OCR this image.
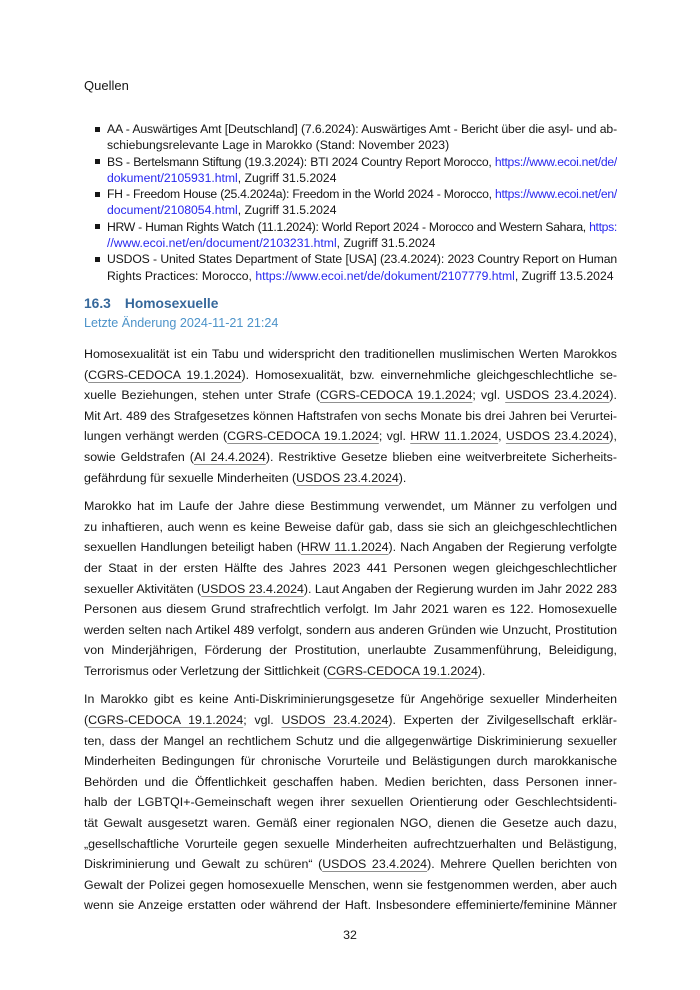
Quellen
AA - Auswärtiges Amt [Deutschland] (7.6.2024): Auswärtiges Amt - Bericht über die asyl- und ab-
schiebungsrelevante Lage in Marokko (Stand: November 2023)
BS - Bertelsmann Stiftung (19.3.2024): BTI 2024 Country Report Morocco, https://www.ecoi.net/de/
dokument/2105931.html, Zugriff 31.5.2024
FH - Freedom House (25.4.2024a): Freedom in the World 2024 - Morocco, https://www.ecoi.net/en/
document/2108054.html, Zugriff 31.5.2024
HRW - Human Rights Watch (11.1.2024): World Report 2024 - Morocco and Western Sahara, https:
//www.ecoi.net/en/document/2103231.html, Zugriff 31.5.2024
USDOS - United States Department of State [USA] (23.4.2024): 2023 Country Report on Human
Rights Practices: Morocco, https://www.ecoi.net/de/dokument/2107779.html, Zugriff 13.5.2024
16.3 Homosexuelle
Letzte Änderung 2024-11-21 21:24
Homosexualität ist ein Tabu und widerspricht den traditionellen muslimischen Werten Marokkos
(CGRS-CEDOCA 19.1.2024). Homosexualität, bzw. einvernehmliche gleichgeschlechtliche se-
xuelle Beziehungen, stehen unter Strafe (CGRS-CEDOCA 19.1.2024; vgl. USDOS 23.4.2024).
Mit Art. 489 des Strafgesetzes können Haftstrafen von sechs Monate bis drei Jahren bei Verurtei-
lungen verhängt werden (CGRS-CEDOCA 19.1.2024; vgl. HRW 11.1.2024, USDOS 23.4.2024),
sowie Geldstrafen (AI 24.4.2024). Restriktive Gesetze blieben eine weitverbreitete Sicherheits-
gefährdung für sexuelle Minderheiten (USDOS 23.4.2024).
Marokko hat im Laufe der Jahre diese Bestimmung verwendet, um Männer zu verfolgen und
zu inhaftieren, auch wenn es keine Beweise dafür gab, dass sie sich an gleichgeschlechtlichen
sexuellen Handlungen beteiligt haben (HRW 11.1.2024). Nach Angaben der Regierung verfolgte
der Staat in der ersten Hälfte des Jahres 2023 441 Personen wegen gleichgeschlechtlicher
sexueller Aktivitäten (USDOS 23.4.2024). Laut Angaben der Regierung wurden im Jahr 2022 283
Personen aus diesem Grund strafrechtlich verfolgt. Im Jahr 2021 waren es 122. Homosexuelle
werden selten nach Artikel 489 verfolgt, sondern aus anderen Gründen wie Unzucht, Prostitution
von Minderjährigen, Förderung der Prostitution, unerlaubte Zusammenführung, Beleidigung,
Terrorismus oder Verletzung der Sittlichkeit (CGRS-CEDOCA 19.1.2024).
In Marokko gibt es keine Anti-Diskriminierungsgesetze für Angehörige sexueller Minderheiten
(CGRS-CEDOCA 19.1.2024; vgl. USDOS 23.4.2024). Experten der Zivilgesellschaft erklär-
ten, dass der Mangel an rechtlichem Schutz und die allgegenwärtige Diskriminierung sexueller
Minderheiten Bedingungen für chronische Vorurteile und Belästigungen durch marokkanische
Behörden und die Öffentlichkeit geschaffen haben. Medien berichten, dass Personen inner-
halb der LGBTQI+-Gemeinschaft wegen ihrer sexuellen Orientierung oder Geschlechtsidenti-
tät Gewalt ausgesetzt waren. Gemäß einer regionalen NGO, dienen die Gesetze auch dazu,
„gesellschaftliche Vorurteile gegen sexuelle Minderheiten aufrechtzuerhalten und Belästigung,
Diskriminierung und Gewalt zu schüren“ (USDOS 23.4.2024). Mehrere Quellen berichten von
Gewalt der Polizei gegen homosexuelle Menschen, wenn sie festgenommen werden, aber auch
wenn sie Anzeige erstatten oder während der Haft. Insbesondere effeminierte/feminine Männer
32
